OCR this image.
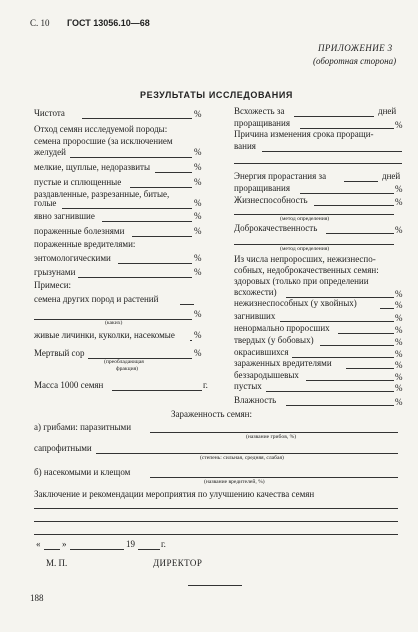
С. 10 ГОСТ 13056.10—68
ПРИЛОЖЕНИЕ 3
(оборотная сторона)
РЕЗУЛЬТАТЫ ИССЛЕДОВАНИЯ
Чистота	%
Отход семян исследуемой породы:
семена проросшие (за исключением
желудей	%
мелкие, щуплые, недоразвиты	%
пустые и сплющенные	%
раздавленные, разрезанные, битые,
голые	%
явно загнившие	%
пораженные болезнями	%
пораженные вредителями:
энтомологическими	%
грызунами	%
Примеси:
семена других пород и растений
%
(каких)
живые личинки, куколки, насекомые %
Мертвый сор	%
(преобладающая
фракция)
Масса 1000 семян	г.
Всхожесть за	дней
проращивания	%
Причина изменения срока проращи-
вания
Энергия прорастания за	дней
проращивания	%
Жизнеспособность	%
(метод определения)
Доброкачественность	%
(метод определения)
Из числа непроросших, нежизнеспо-
собных, недоброкачественных семян:
здоровых (только при определении
всхожести)	%
нежизнеспособных (у хвойных)	%
загнивших	%
ненормально проросших	%
твердых (у бобовых)	%
окрасившихся	%
зараженных вредителями	%
беззародышевых	%
пустых	%
Влажность	%
Зараженность семян:
а) грибами: паразитными
(название грибов, %)
сапрофитными
(степень: сильная, средняя, слабая)
б) насекомыми и клещом
(название вредителей, %)
Заключение и рекомендации мероприятия по улучшению качества семян
« »	19	г.
М. П.	ДИРЕКТОР
188
